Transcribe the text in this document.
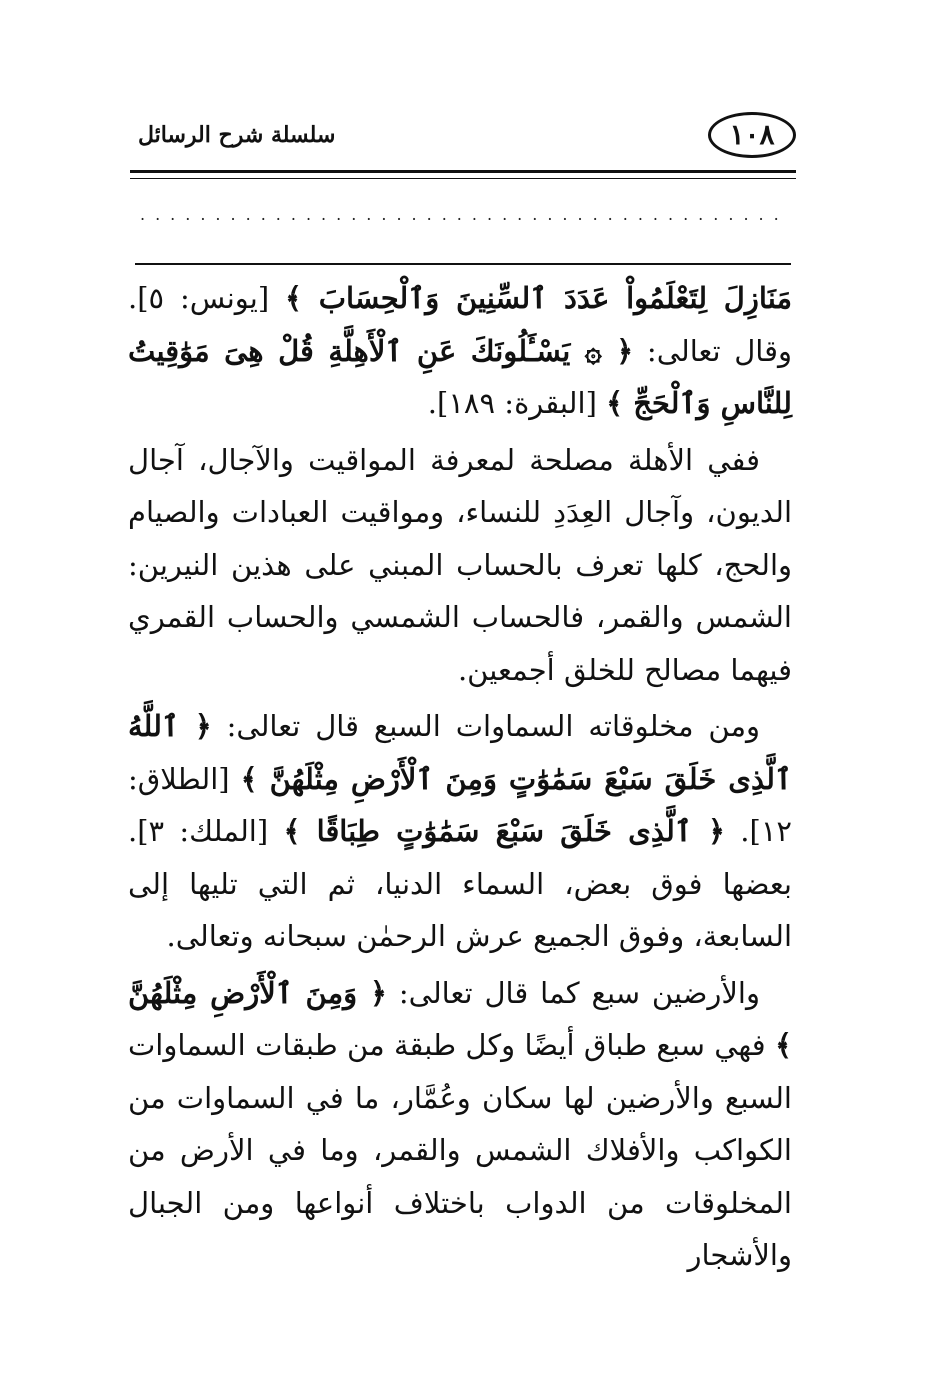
١٠٨
سلسلة شرح الرسائل
...........................................

مَنَازِلَ لِتَعْلَمُواْ عَدَدَ ٱلسِّنِينَ وَٱلْحِسَابَ ﴾ [يونس: ٥]. وقال تعالى: ﴿ ۞ يَسْـَٔلُونَكَ عَنِ ٱلْأَهِلَّةِ قُلْ هِىَ مَوَٰقِيتُ لِلنَّاسِ وَٱلْحَجِّ ﴾ [البقرة: ١٨٩].

ففي الأهلة مصلحة لمعرفة المواقيت والآجال، آجال الديون، وآجال العِدَدِ للنساء، ومواقيت العبادات والصيام والحج، كلها تعرف بالحساب المبني على هذين النيرين: الشمس والقمر، فالحساب الشمسي والحساب القمري فيهما مصالح للخلق أجمعين.

ومن مخلوقاته السماوات السبع قال تعالى: ﴿ ٱللَّهُ ٱلَّذِى خَلَقَ سَبْعَ سَمَٰوَٰتٍ وَمِنَ ٱلْأَرْضِ مِثْلَهُنَّ ﴾ [الطلاق: ١٢]. ﴿ ٱلَّذِى خَلَقَ سَبْعَ سَمَٰوَٰتٍ طِبَاقًا ﴾ [الملك: ٣]. بعضها فوق بعض، السماء الدنيا، ثم التي تليها إلى السابعة، وفوق الجميع عرش الرحمٰن سبحانه وتعالى.

والأرضين سبع كما قال تعالى: ﴿ وَمِنَ ٱلْأَرْضِ مِثْلَهُنَّ ﴾ فهي سبع طباق أيضًا وكل طبقة من طبقات السماوات السبع والأرضين لها سكان وعُمَّار، ما في السماوات من الكواكب والأفلاك الشمس والقمر، وما في الأرض من المخلوقات من الدواب باختلاف أنواعها ومن الجبال والأشجار
